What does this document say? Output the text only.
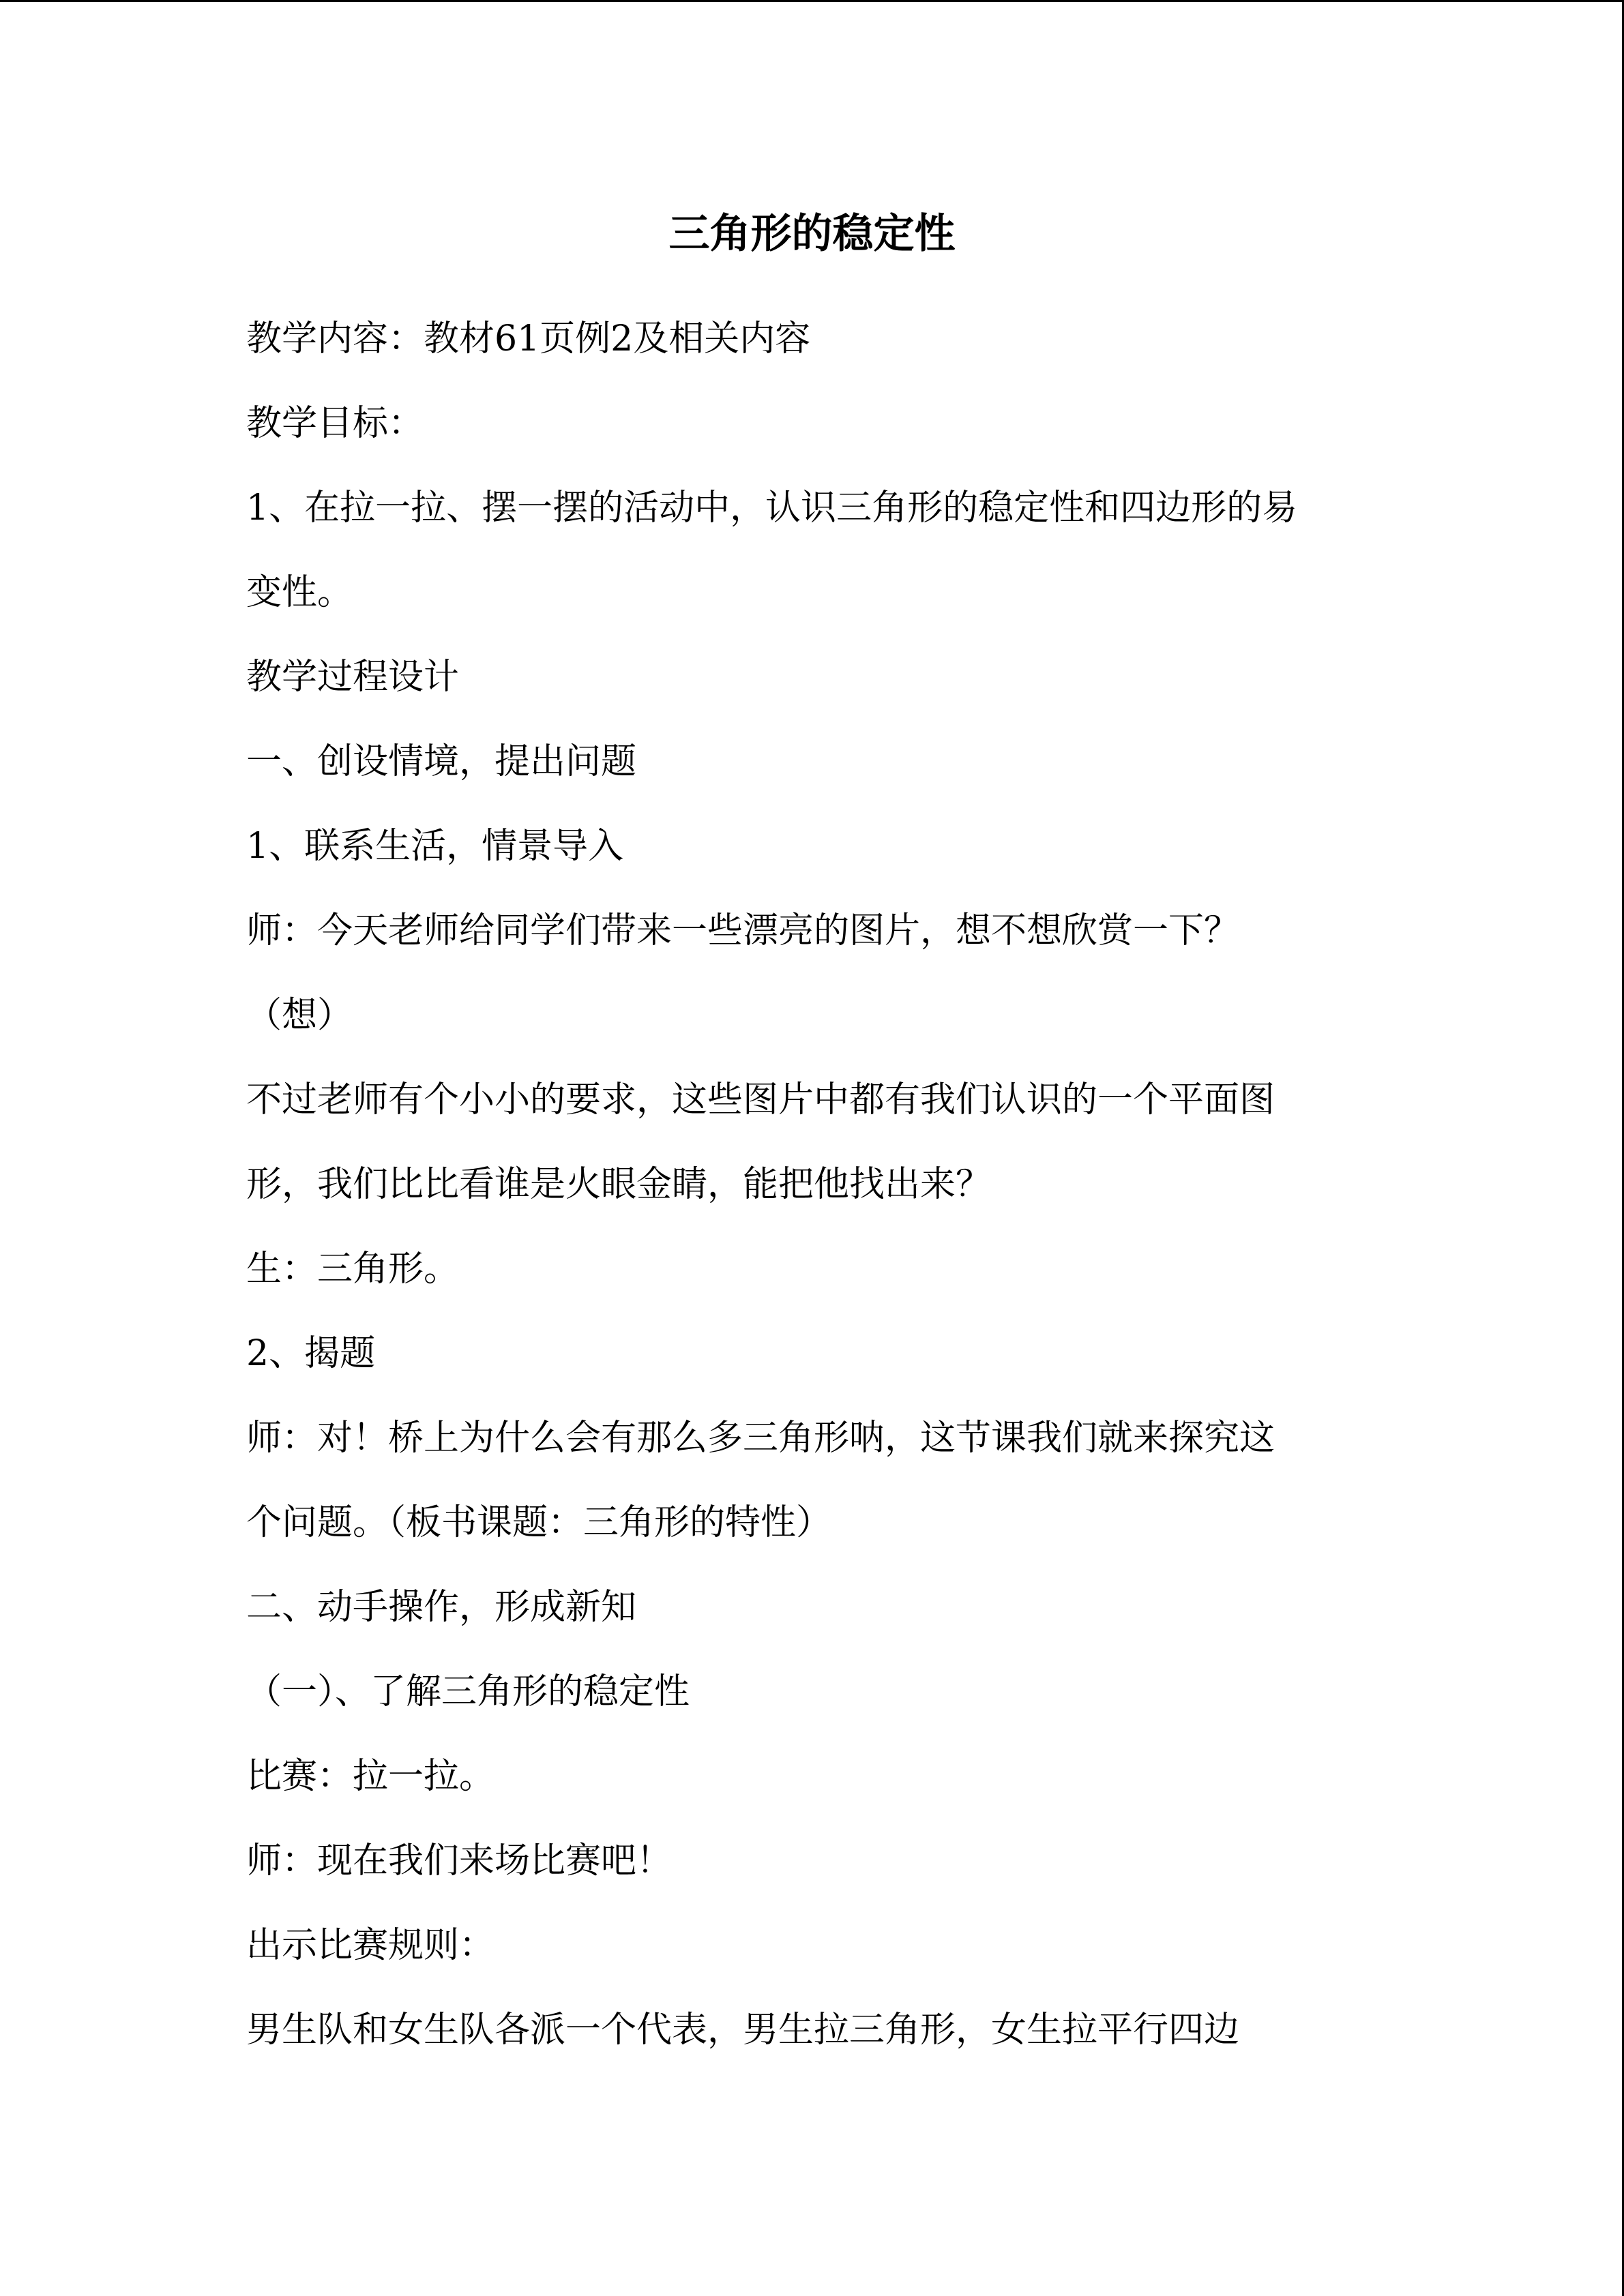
三角形的稳定性

教学内容：教材61页例2及相关内容

教学目标：

1、在拉一拉、摆一摆的活动中，认识三角形的稳定性和四边形的易

变性。

教学过程设计

一、创设情境，提出问题

1、联系生活，情景导入

师：今天老师给同学们带来一些漂亮的图片，想不想欣赏一下？

（想）

不过老师有个小小的要求，这些图片中都有我们认识的一个平面图

形，我们比比看谁是火眼金睛，能把他找出来？

生：三角形。

2、揭题

师：对！桥上为什么会有那么多三角形呐，这节课我们就来探究这

个问题。（板书课题：三角形的特性）

二、动手操作，形成新知

（一）、了解三角形的稳定性

比赛：拉一拉。

师：现在我们来场比赛吧！

出示比赛规则：

男生队和女生队各派一个代表，男生拉三角形，女生拉平行四边
